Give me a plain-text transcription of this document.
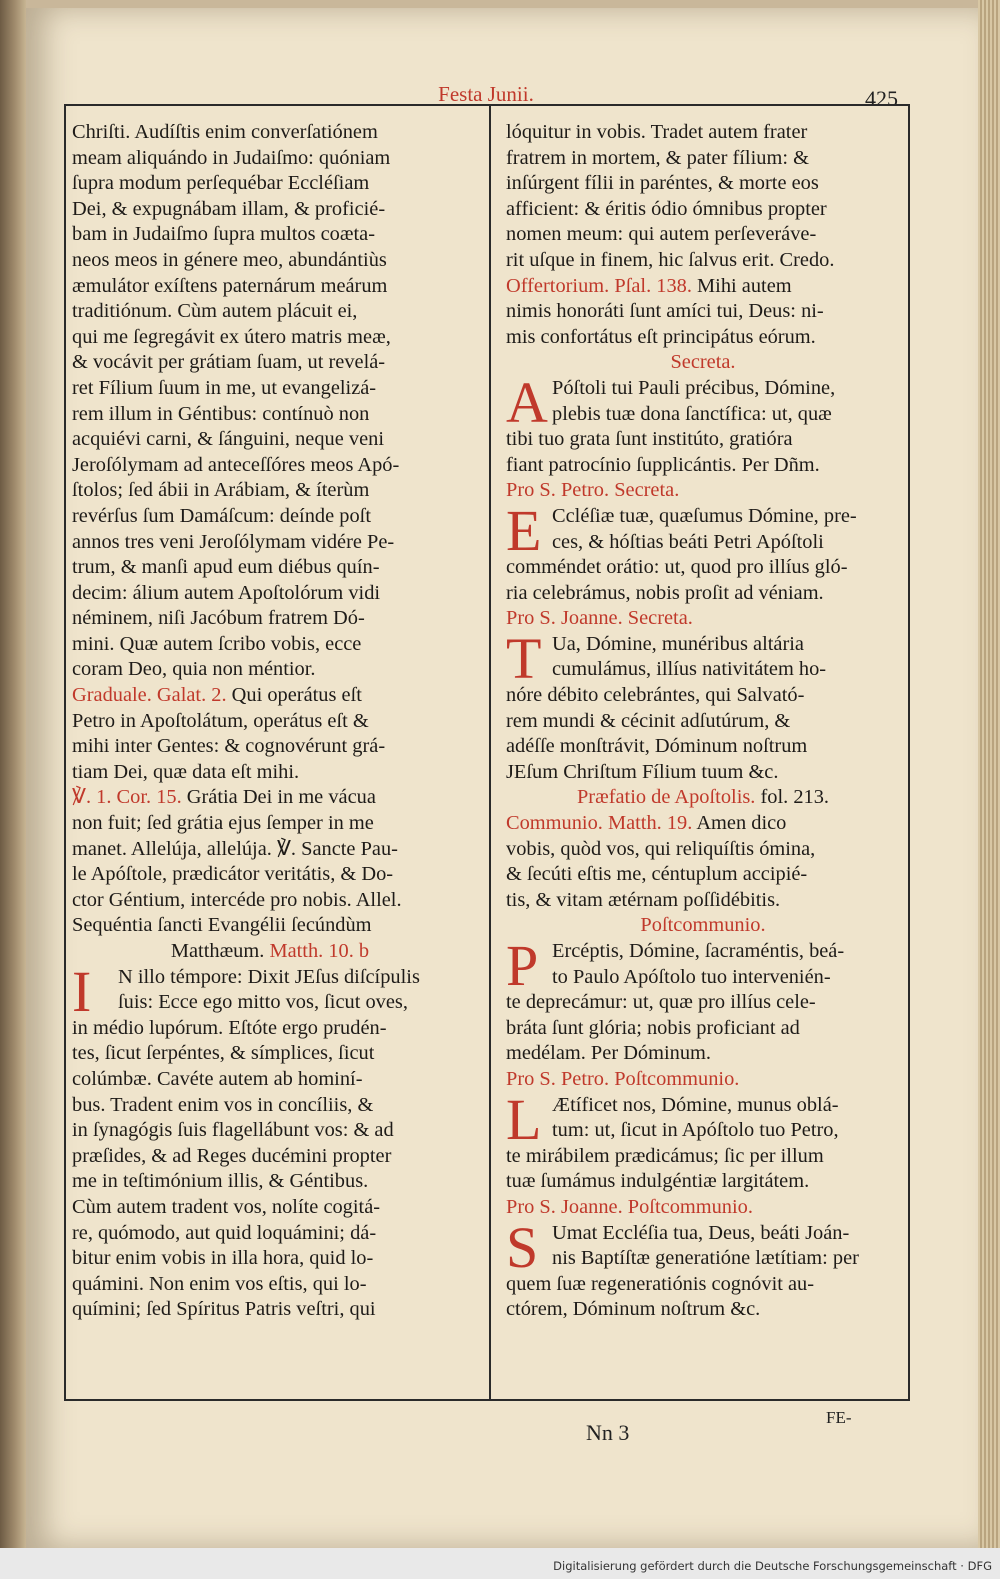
Festa Junii.	425
Chriſti. Audíſtis enim converſatiónem
meam aliquándo in Judaiſmo: quóniam
ſupra modum perſequébar Eccléſiam
Dei, & expugnábam illam, & proficié-
bam in Judaiſmo ſupra multos coæta-
neos meos in génere meo, abundántiùs
æmulátor exíſtens paternárum meárum
traditiónum. Cùm autem plácuit ei,
qui me ſegregávit ex útero matris meæ,
& vocávit per grátiam ſuam, ut revelá-
ret Fílium ſuum in me, ut evangelizá-
rem illum in Géntibus: contínuò non
acquiévi carni, & ſánguini, neque veni
Jeroſólymam ad anteceſſóres meos Apó-
ſtolos; ſed ábii in Arábiam, & íterùm
revérſus ſum Damáſcum: deínde poſt
annos tres veni Jeroſólymam vidére Pe-
trum, & manſi apud eum diébus quín-
decim: álium autem Apoſtolórum vidi
néminem, niſi Jacóbum fratrem Dó-
mini. Quæ autem ſcribo vobis, ecce
coram Deo, quia non méntior.
Graduale. Galat. 2. Qui operátus eſt
Petro in Apoſtolátum, operátus eſt &
mihi inter Gentes: & cognovérunt grá-
tiam Dei, quæ data eſt mihi.
℣. 1. Cor. 15. Grátia Dei in me vácua
non fuit; ſed grátia ejus ſemper in me
manet. Allelúja, allelúja. ℣. Sancte Pau-
le Apóſtole, prædicátor veritátis, & Do-
ctor Géntium, intercéde pro nobis. Allel.
Sequéntia ſancti Evangélii ſecúndùm
Matthæum. Matth. 10. b
I	N illo témpore: Dixit JEſus diſcípulis
ſuis: Ecce ego mitto vos, ſicut oves,
in médio lupórum. Eſtóte ergo prudén-
tes, ſicut ſerpéntes, & símplices, ſicut
colúmbæ. Cavéte autem ab hominí-
bus. Tradent enim vos in concíliis, &
in ſynagógis ſuis flagellábunt vos: & ad
præſides, & ad Reges ducémini propter
me in teſtimónium illis, & Géntibus.
Cùm autem tradent vos, nolíte cogitá-
re, quómodo, aut quid loquámini; dá-
bitur enim vobis in illa hora, quid lo-
quámini. Non enim vos eſtis, qui lo-
químini; ſed Spíritus Patris veſtri, qui
lóquitur in vobis. Tradet autem frater
fratrem in mortem, & pater fílium: &
inſúrgent fílii in paréntes, & morte eos
afficient: & éritis ódio ómnibus propter
nomen meum: qui autem perſeveráve-
rit uſque in finem, hic ſalvus erit. Credo.
Offertorium. Pſal. 138. Mihi autem
nimis honoráti ſunt amíci tui, Deus: ni-
mis confortátus eſt principátus eórum.
Secreta.
A Póſtoli tui Pauli précibus, Dómine,
plebis tuæ dona ſanctífica: ut, quæ
tibi tuo grata ſunt institúto, gratióra
fiant patrocínio ſupplicántis. Per Dñm.
Pro S. Petro. Secreta.
E Ccléſiæ tuæ, quæſumus Dómine, pre-
ces, & hóſtias beáti Petri Apóſtoli
comméndet orátio: ut, quod pro illíus gló-
ria celebrámus, nobis proſit ad véniam.
Pro S. Joanne. Secreta.
T Ua, Dómine, munéribus altária
cumulámus, illíus nativitátem ho-
nóre débito celebrántes, qui Salvató-
rem mundi & cécinit adſutúrum, &
adéſſe monſtrávit, Dóminum noſtrum
JEſum Chriſtum Fílium tuum &c.
Præfatio de Apoſtolis. fol. 213.
Communio. Matth. 19. Amen dico
vobis, quòd vos, qui reliquíſtis ómina,
& ſecúti eſtis me, céntuplum accipié-
tis, & vitam ætérnam poſſidébitis.
Poſtcommunio.
P Ercéptis, Dómine, ſacraméntis, beá-
to Paulo Apóſtolo tuo intervenién-
te deprecámur: ut, quæ pro illíus cele-
bráta ſunt glória; nobis proficiant ad
medélam. Per Dóminum.
Pro S. Petro. Poſtcommunio.
L Ætíficet nos, Dómine, munus oblá-
tum: ut, ſicut in Apóſtolo tuo Petro,
te mirábilem prædicámus; ſic per illum
tuæ ſumámus indulgéntiæ largitátem.
Pro S. Joanne. Poſtcommunio.
S Umat Eccléſia tua, Deus, beáti Joán-
nis Baptíſtæ generatióne lætítiam: per
quem ſuæ regeneratiónis cognóvit au-
ctórem, Dóminum noſtrum &c.
Nn 3
FE-
Digitalisierung gefördert durch die Deutsche Forschungsgemeinschaft · DFG
